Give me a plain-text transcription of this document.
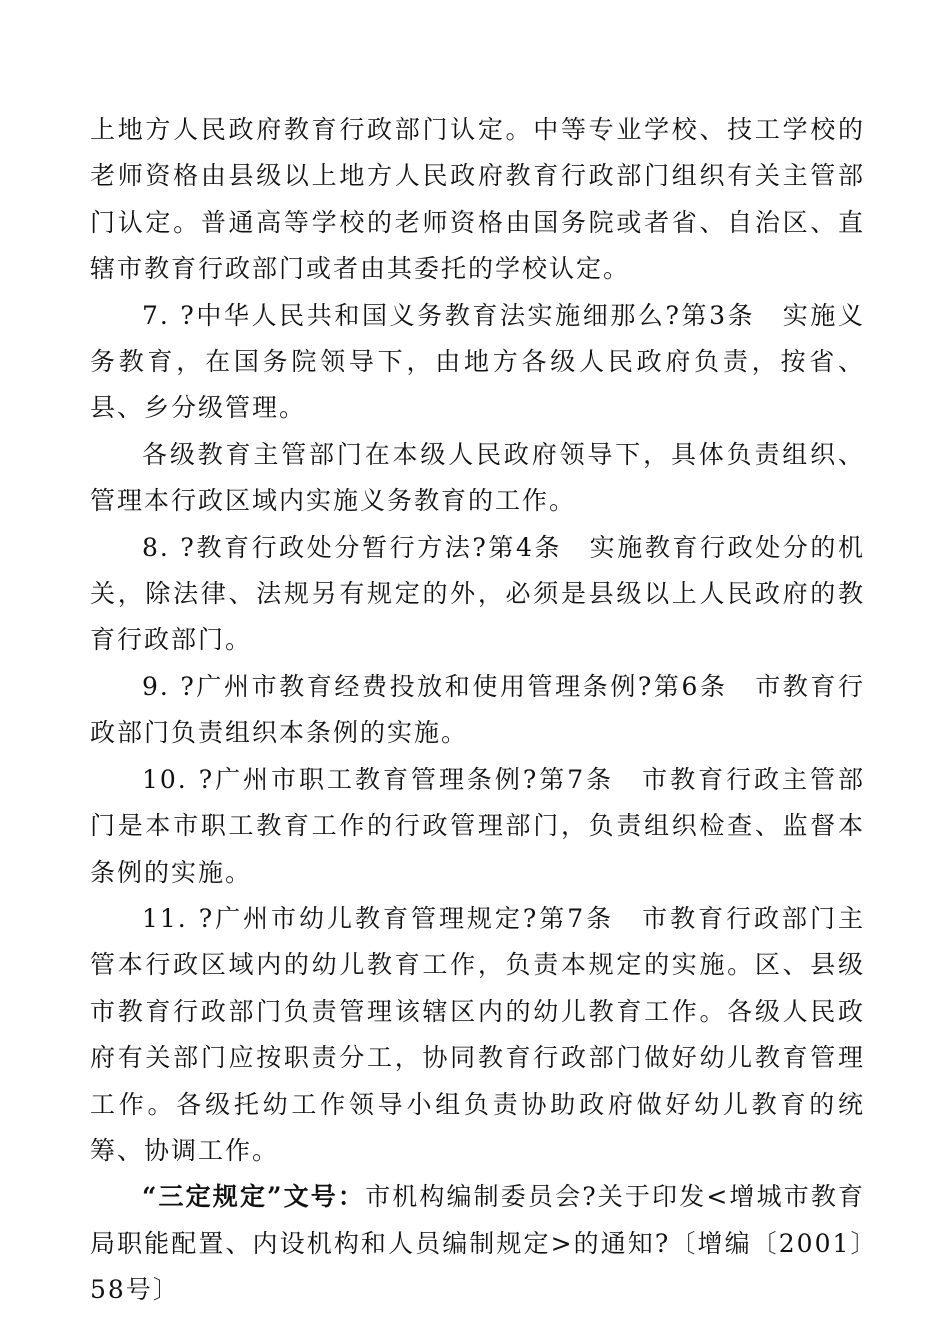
上地方人民政府教育行政部门认定。中等专业学校、技工学校的老师资格由县级以上地方人民政府教育行政部门组织有关主管部门认定。普通高等学校的老师资格由国务院或者省、自治区、直辖市教育行政部门或者由其委托的学校认定。

7. ?中华人民共和国义务教育法实施细那么?第3条　实施义务教育，在国务院领导下，由地方各级人民政府负责，按省、县、乡分级管理。

各级教育主管部门在本级人民政府领导下，具体负责组织、管理本行政区域内实施义务教育的工作。

8. ?教育行政处分暂行方法?第4条　实施教育行政处分的机关，除法律、法规另有规定的外，必须是县级以上人民政府的教育行政部门。

9. ?广州市教育经费投放和使用管理条例?第6条　市教育行政部门负责组织本条例的实施。

10. ?广州市职工教育管理条例?第7条　市教育行政主管部门是本市职工教育工作的行政管理部门，负责组织检查、监督本条例的实施。

11. ?广州市幼儿教育管理规定?第7条　市教育行政部门主管本行政区域内的幼儿教育工作，负责本规定的实施。区、县级市教育行政部门负责管理该辖区内的幼儿教育工作。各级人民政府有关部门应按职责分工，协同教育行政部门做好幼儿教育管理工作。各级托幼工作领导小组负责协助政府做好幼儿教育的统筹、协调工作。

“三定规定”文号：市机构编制委员会?关于印发<增城市教育局职能配置、内设机构和人员编制规定>的通知?〔增编〔2001〕58号〕
